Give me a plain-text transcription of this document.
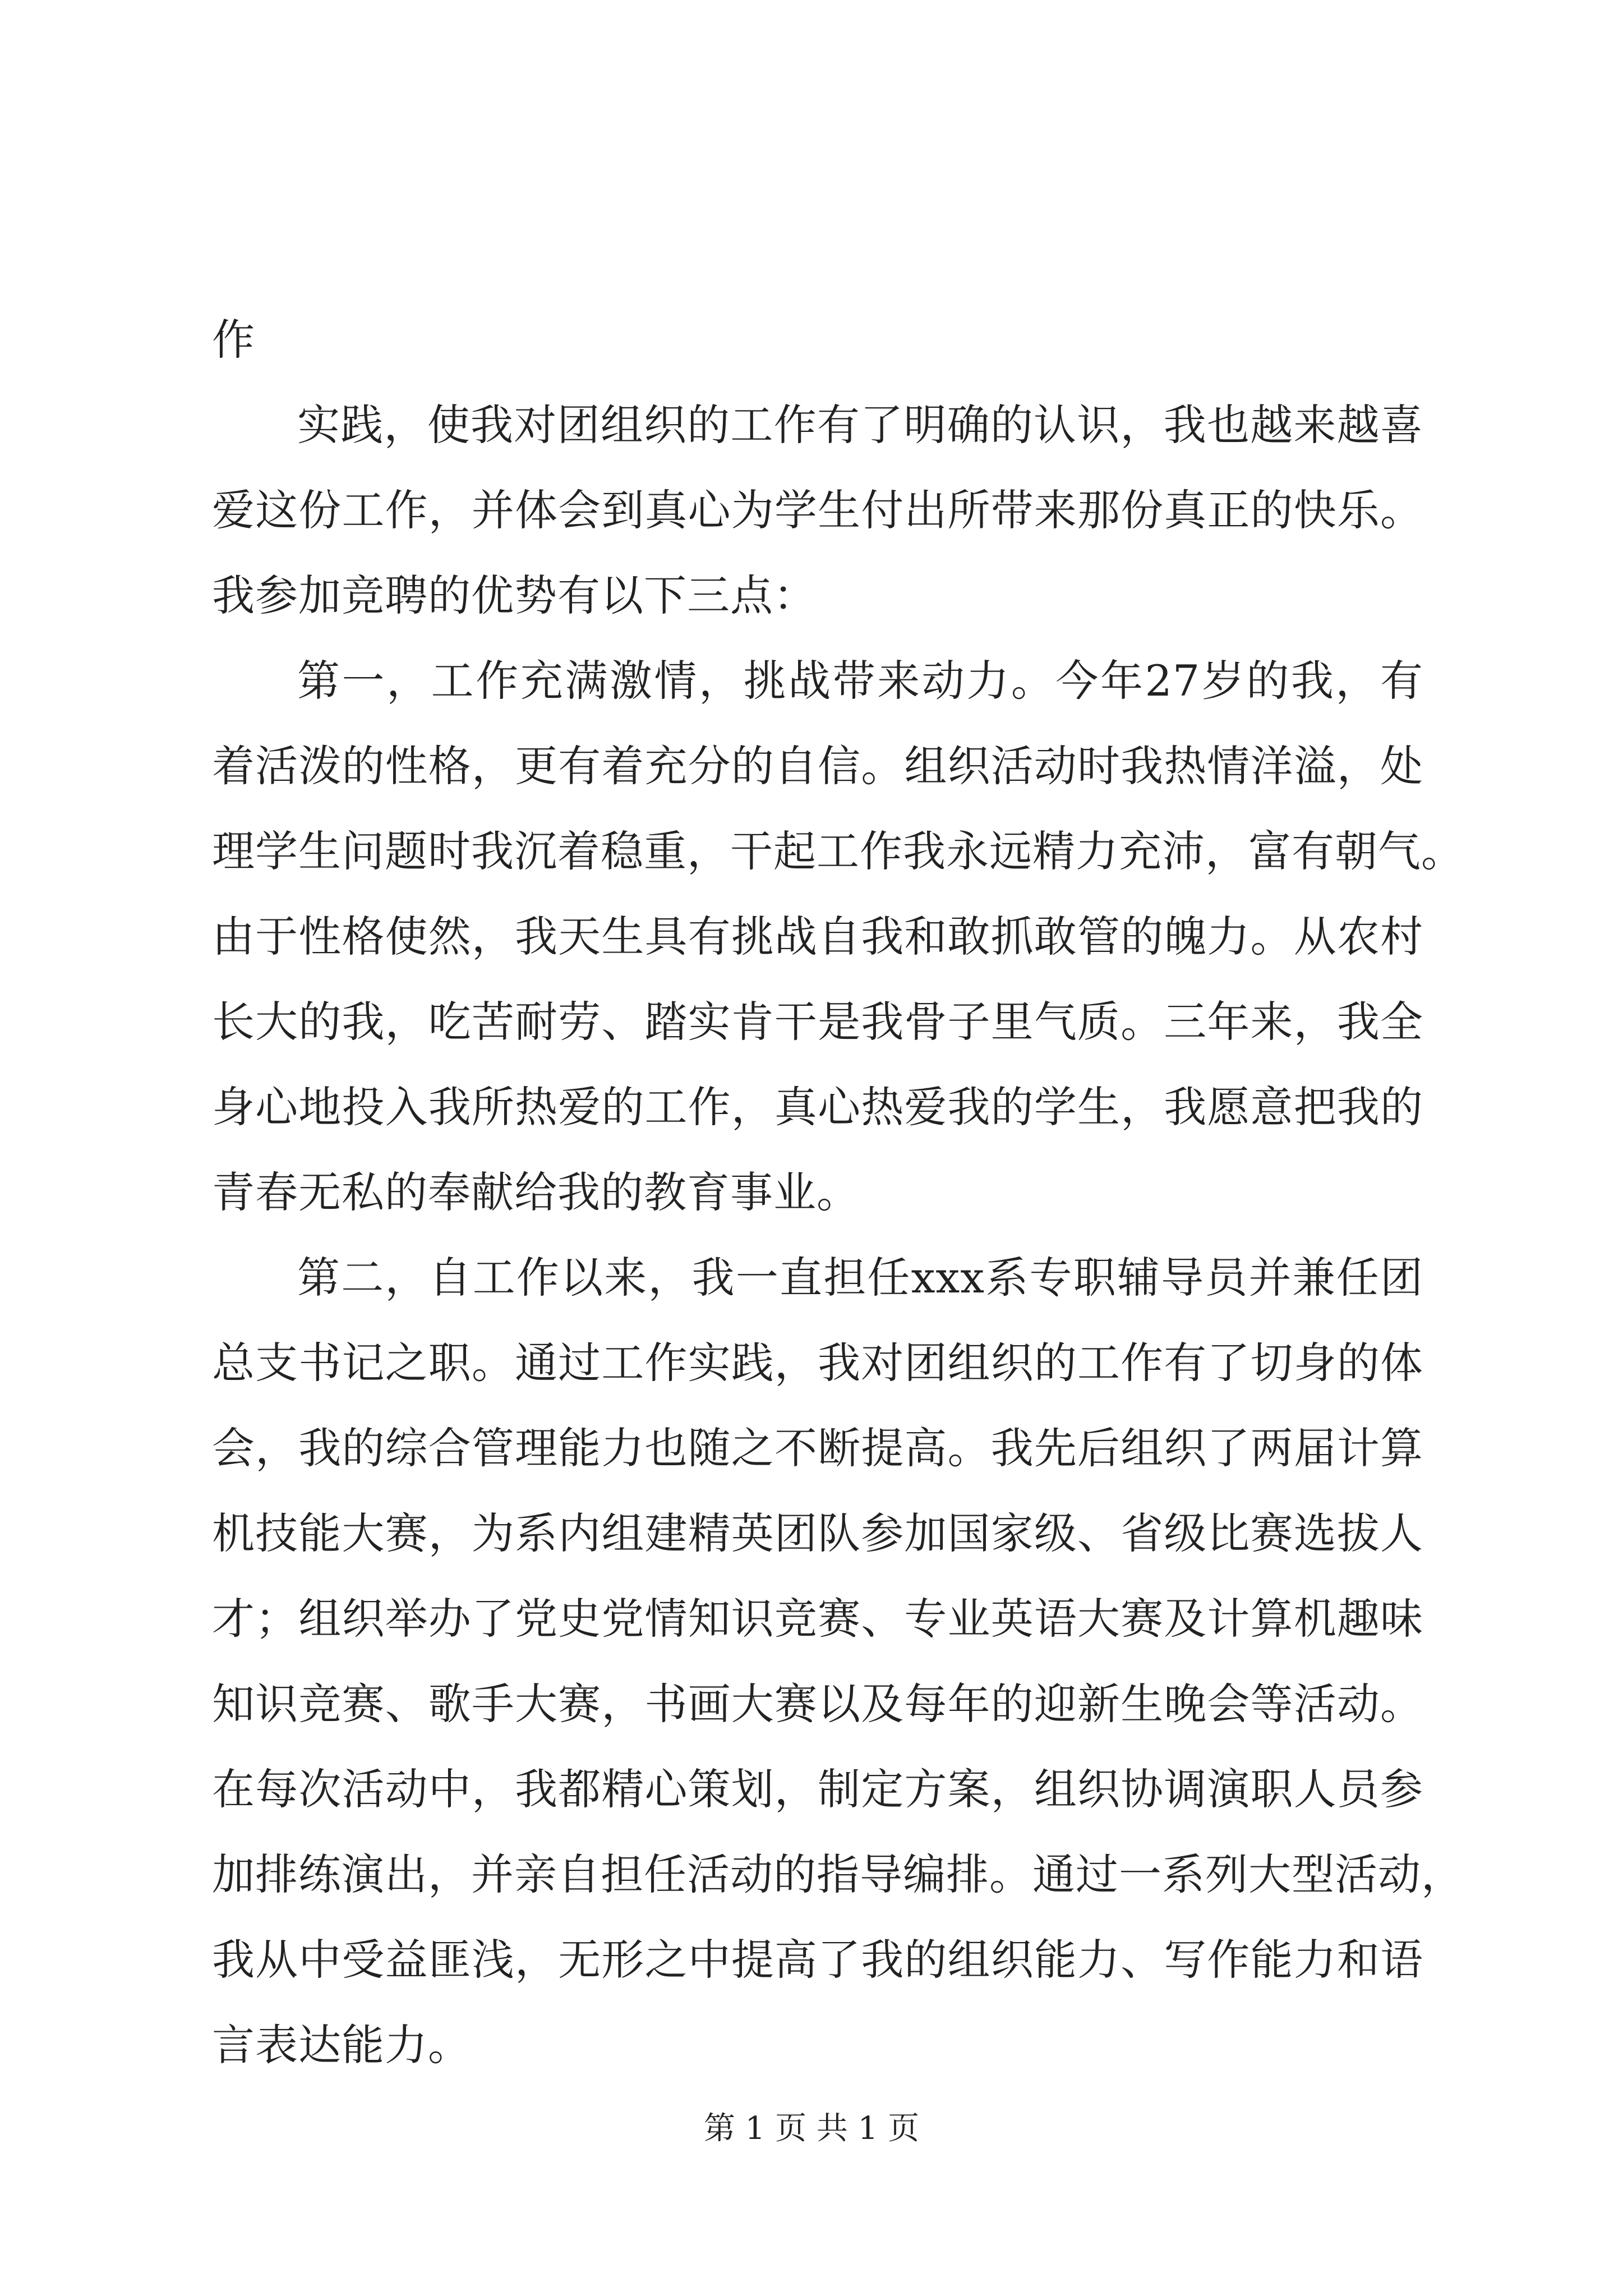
作
实践，使我对团组织的工作有了明确的认识，我也越来越喜
爱这份工作，并体会到真心为学生付出所带来那份真正的快乐。
我参加竞聘的优势有以下三点：
第一，工作充满激情，挑战带来动力。今年27岁的我，有
着活泼的性格，更有着充分的自信。组织活动时我热情洋溢，处
理学生问题时我沉着稳重，干起工作我永远精力充沛，富有朝气。
由于性格使然，我天生具有挑战自我和敢抓敢管的魄力。从农村
长大的我，吃苦耐劳、踏实肯干是我骨子里气质。三年来，我全
身心地投入我所热爱的工作，真心热爱我的学生，我愿意把我的
青春无私的奉献给我的教育事业。
第二，自工作以来，我一直担任xxx系专职辅导员并兼任团
总支书记之职。通过工作实践，我对团组织的工作有了切身的体
会，我的综合管理能力也随之不断提高。我先后组织了两届计算
机技能大赛，为系内组建精英团队参加国家级、省级比赛选拔人
才；组织举办了党史党情知识竞赛、专业英语大赛及计算机趣味
知识竞赛、歌手大赛，书画大赛以及每年的迎新生晚会等活动。
在每次活动中，我都精心策划，制定方案，组织协调演职人员参
加排练演出，并亲自担任活动的指导编排。通过一系列大型活动，
我从中受益匪浅，无形之中提高了我的组织能力、写作能力和语
言表达能力。
第 1 页 共 1 页
